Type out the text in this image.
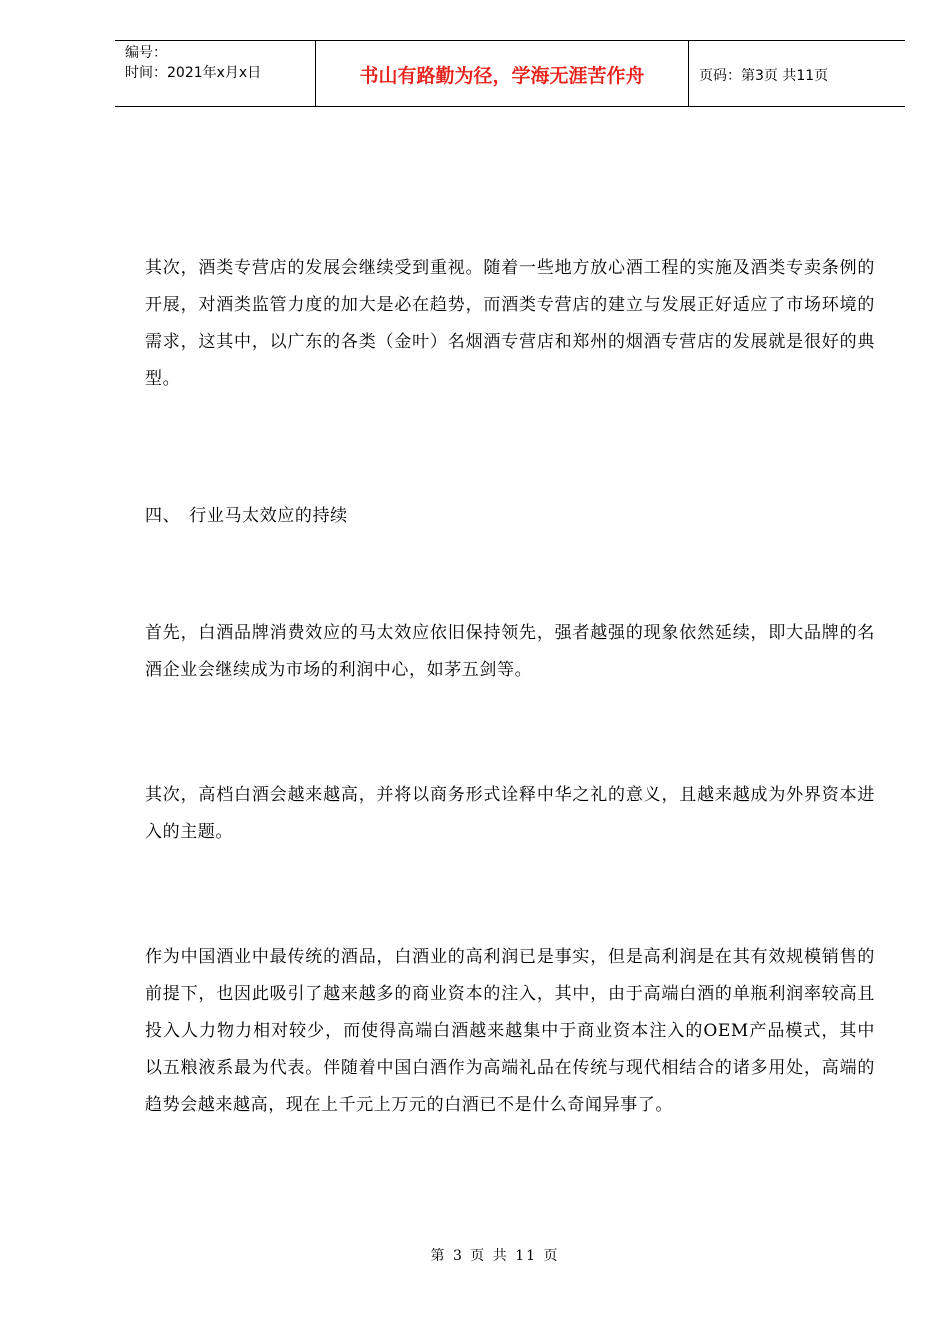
编号：
时间：2021年x月x日	书山有路勤为径，学海无涯苦作舟	页码：第3页 共11页

其次，酒类专营店的发展会继续受到重视。随着一些地方放心酒工程的实施及酒类专卖条例的开展，对酒类监管力度的加大是必在趋势，而酒类专营店的建立与发展正好适应了市场环境的需求，这其中，以广东的各类（金叶）名烟酒专营店和郑州的烟酒专营店的发展就是很好的典型。

四、　行业马太效应的持续

首先，白酒品牌消费效应的马太效应依旧保持领先，强者越强的现象依然延续，即大品牌的名酒企业会继续成为市场的利润中心，如茅五剑等。

其次，高档白酒会越来越高，并将以商务形式诠释中华之礼的意义，且越来越成为外界资本进入的主题。

作为中国酒业中最传统的酒品，白酒业的高利润已是事实，但是高利润是在其有效规模销售的前提下，也因此吸引了越来越多的商业资本的注入，其中，由于高端白酒的单瓶利润率较高且投入人力物力相对较少，而使得高端白酒越来越集中于商业资本注入的OEM产品模式，其中以五粮液系最为代表。伴随着中国白酒作为高端礼品在传统与现代相结合的诸多用处，高端的趋势会越来越高，现在上千元上万元的白酒已不是什么奇闻异事了。

第 3 页 共 11 页
